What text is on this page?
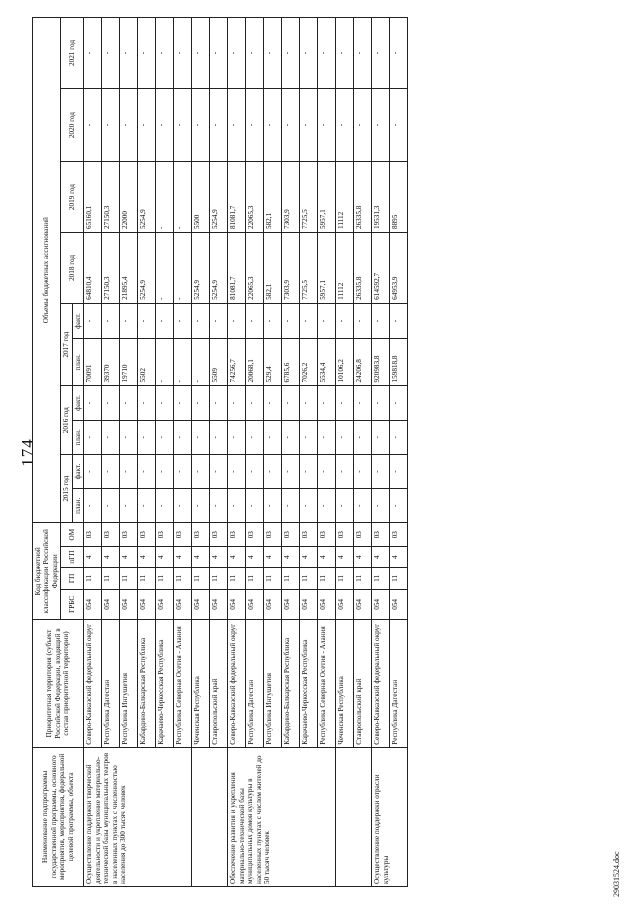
174
Наименование подпрограммы государственной программы, основного мероприятия, мероприятия, федеральной целевой программы, объекта	Приоритетная территория (субъект Российской Федерации, входящий в состав приоритетной территории)	Код бюджетной классификации Российской Федерации				Объемы бюджетных ассигнований									
		ГРБС	ГП	пГП	ОМ	2015 год		2016 год		2017 год		2018 год	2019 год	2020 год	2021 год
						план.	факт.	план.	факт.	план.	факт.				
Осуществление поддержки творческой деятельности и укрепление материально-технической базы муниципальных театров в населенных пунктах с численностью населения до 300 тысяч человек	Северо-Кавказский федеральный округ	054	11	4	03	-	-	-	-	70091	-	64810,4	65160,1	-	-
	Республика Дагестан	054	11	4	03	-	-	-	-	39370	-	27150,3	27150,3	-	-
	Республика Ингушетия	054	11	4	03	-	-	-	-	19710	-	21895,4	22000	-	-
	Кабардино-Балкарская Республика	054	11	4	03	-	-	-	-	5502	-	5254,9	5254,9	-	-
	Карачаево-Черкесская Республика	054	11	4	03	-	-	-	-	-	-	-	-	-	-
	Республика Северная Осетия - Алания	054	11	4	03	-	-	-	-	-	-	-	-	-	-
	Чеченская Республика	054	11	4	03	-	-	-	-	-	-	5254,9	5500	-	-
	Ставропольский край	054	11	4	03	-	-	-	-	5509	-	5254,9	5254,9	-	-
Обеспечение развития и укрепления материально-технической базы муниципальных домов культуры в населенных пунктах с числом жителей до 50 тысяч человек	Северо-Кавказский федеральный округ	054	11	4	03	-	-	-	-	74256,7	-	81081,7	81081,7	-	-
	Республика Дагестан	054	11	4	03	-	-	-	-	20068,1	-	22065,3	22065,3	-	-
	Республика Ингушетия	054	11	4	03	-	-	-	-	529,4	-	582,1	582,1	-	-
	Кабардино-Балкарская Республика	054	11	4	03	-	-	-	-	6785,6	-	7303,9	7303,9	-	-
	Карачаево-Черкесская Республика	054	11	4	03	-	-	-	-	7026,2	-	7725,5	7725,5	-	-
	Республика Северная Осетия - Алания	054	11	4	03	-	-	-	-	5534,4	-	5957,1	5957,1	-	-
	Чеченская Республика	054	11	4	03	-	-	-	-	10106,2	-	11112	11112	-	-
	Ставропольский край	054	11	4	03	-	-	-	-	24206,8	-	26335,8	26335,8	-	-
Осуществление поддержки отрасли культуры	Северо-Кавказский федеральный округ	054	11	4	03	-	-	-	-	920983,8	-	614592,7	19531,3	-	-
	Республика Дагестан	054	11	4	03	-	-	-	-	159818,8	-	64953,9	8895	-	-
29031524.doc
